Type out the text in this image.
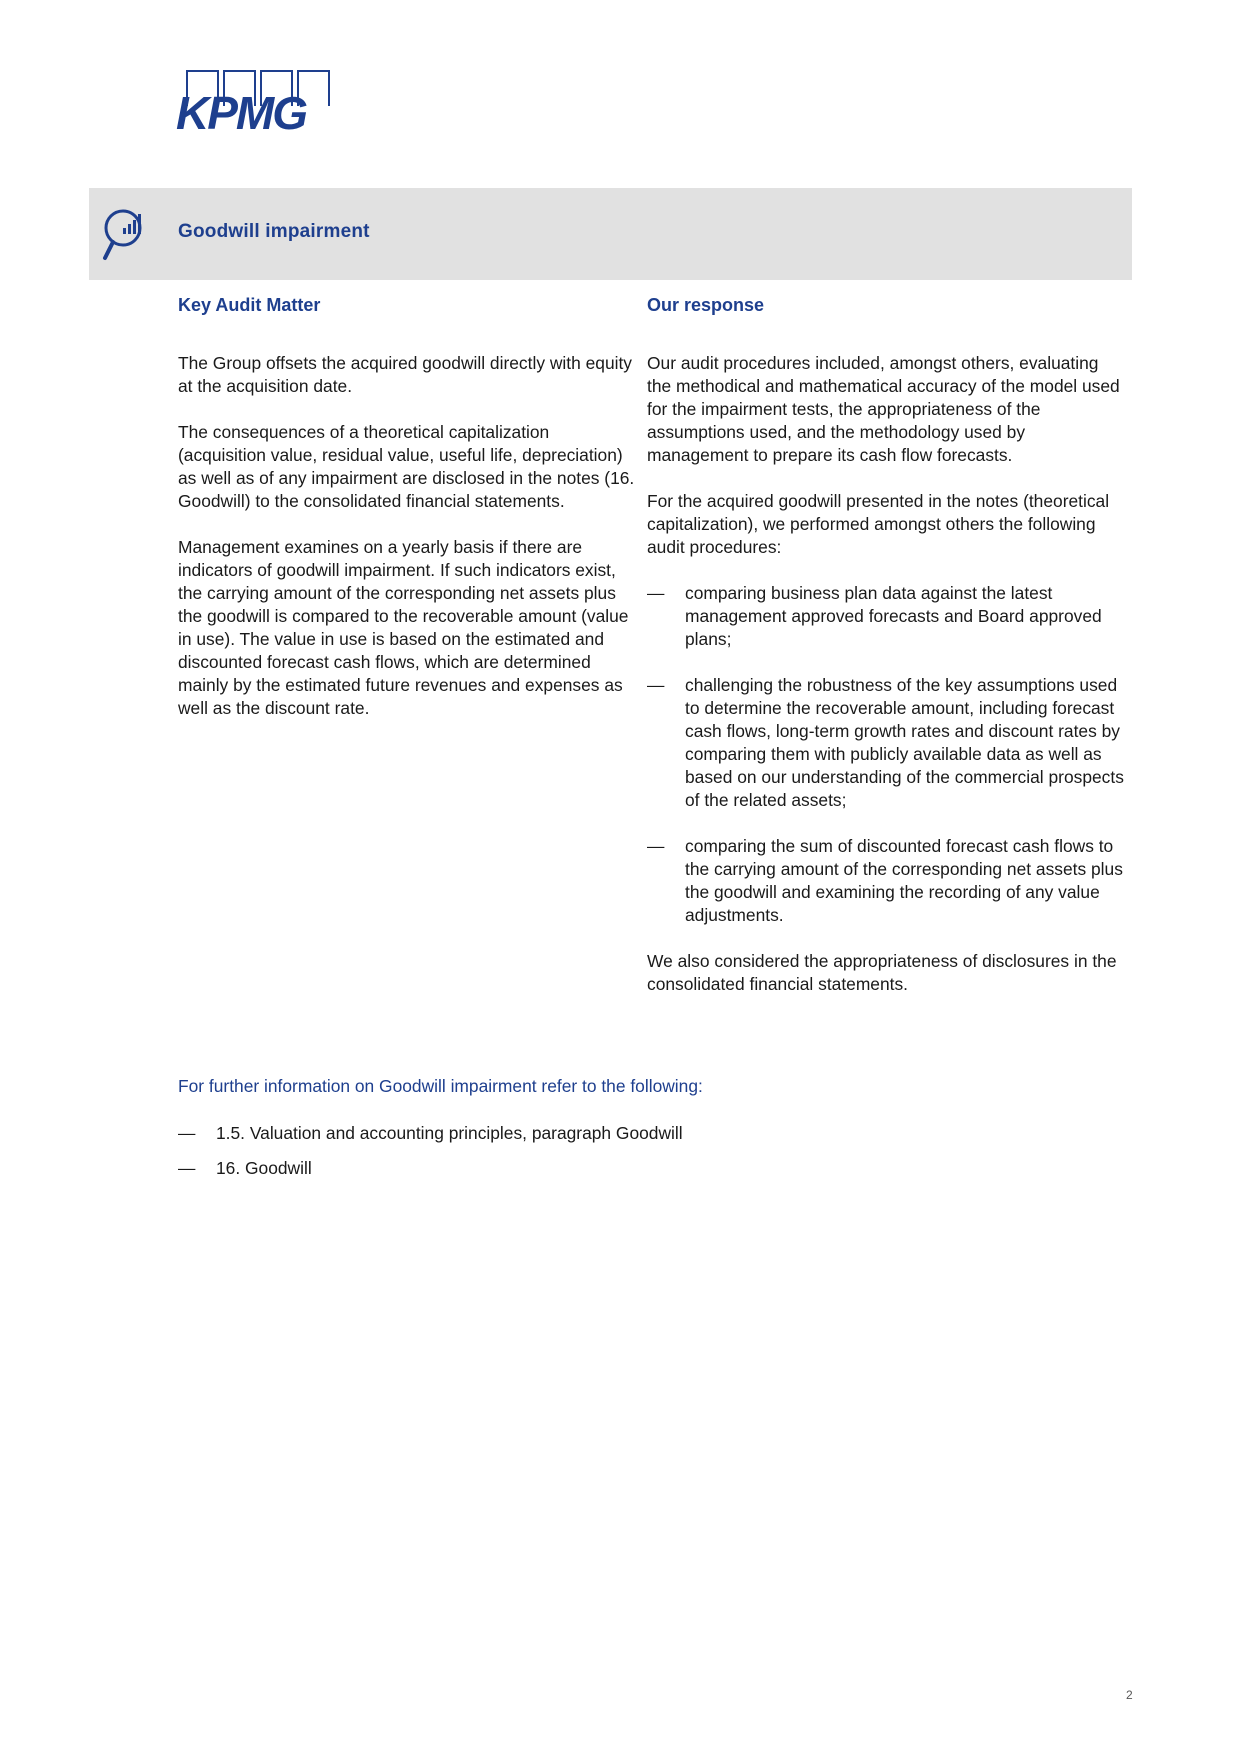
KPMG
Goodwill impairment
Key Audit Matter	Our response

The Group offsets the acquired goodwill directly with equity at the acquisition date.

The consequences of a theoretical capitalization (acquisition value, residual value, useful life, depreciation) as well as of any impairment are disclosed in the notes (16. Goodwill) to the consolidated financial statements.

Management examines on a yearly basis if there are indicators of goodwill impairment. If such indicators exist, the carrying amount of the corresponding net assets plus the goodwill is compared to the recoverable amount (value in use). The value in use is based on the estimated and discounted forecast cash flows, which are determined mainly by the estimated future revenues and expenses as well as the discount rate.

Our audit procedures included, amongst others, evaluating the methodical and mathematical accuracy of the model used for the impairment tests, the appropriateness of the assumptions used, and the methodology used by management to prepare its cash flow forecasts.

For the acquired goodwill presented in the notes (theoretical capitalization), we performed amongst others the following audit procedures:

— comparing business plan data against the latest management approved forecasts and Board approved plans;
— challenging the robustness of the key assumptions used to determine the recoverable amount, including forecast cash flows, long-term growth rates and discount rates by comparing them with publicly available data as well as based on our understanding of the commercial prospects of the related assets;
— comparing the sum of discounted forecast cash flows to the carrying amount of the corresponding net assets plus the goodwill and examining the recording of any value adjustments.

We also considered the appropriateness of disclosures in the consolidated financial statements.

For further information on Goodwill impairment refer to the following:
— 1.5. Valuation and accounting principles, paragraph Goodwill
— 16. Goodwill
2
